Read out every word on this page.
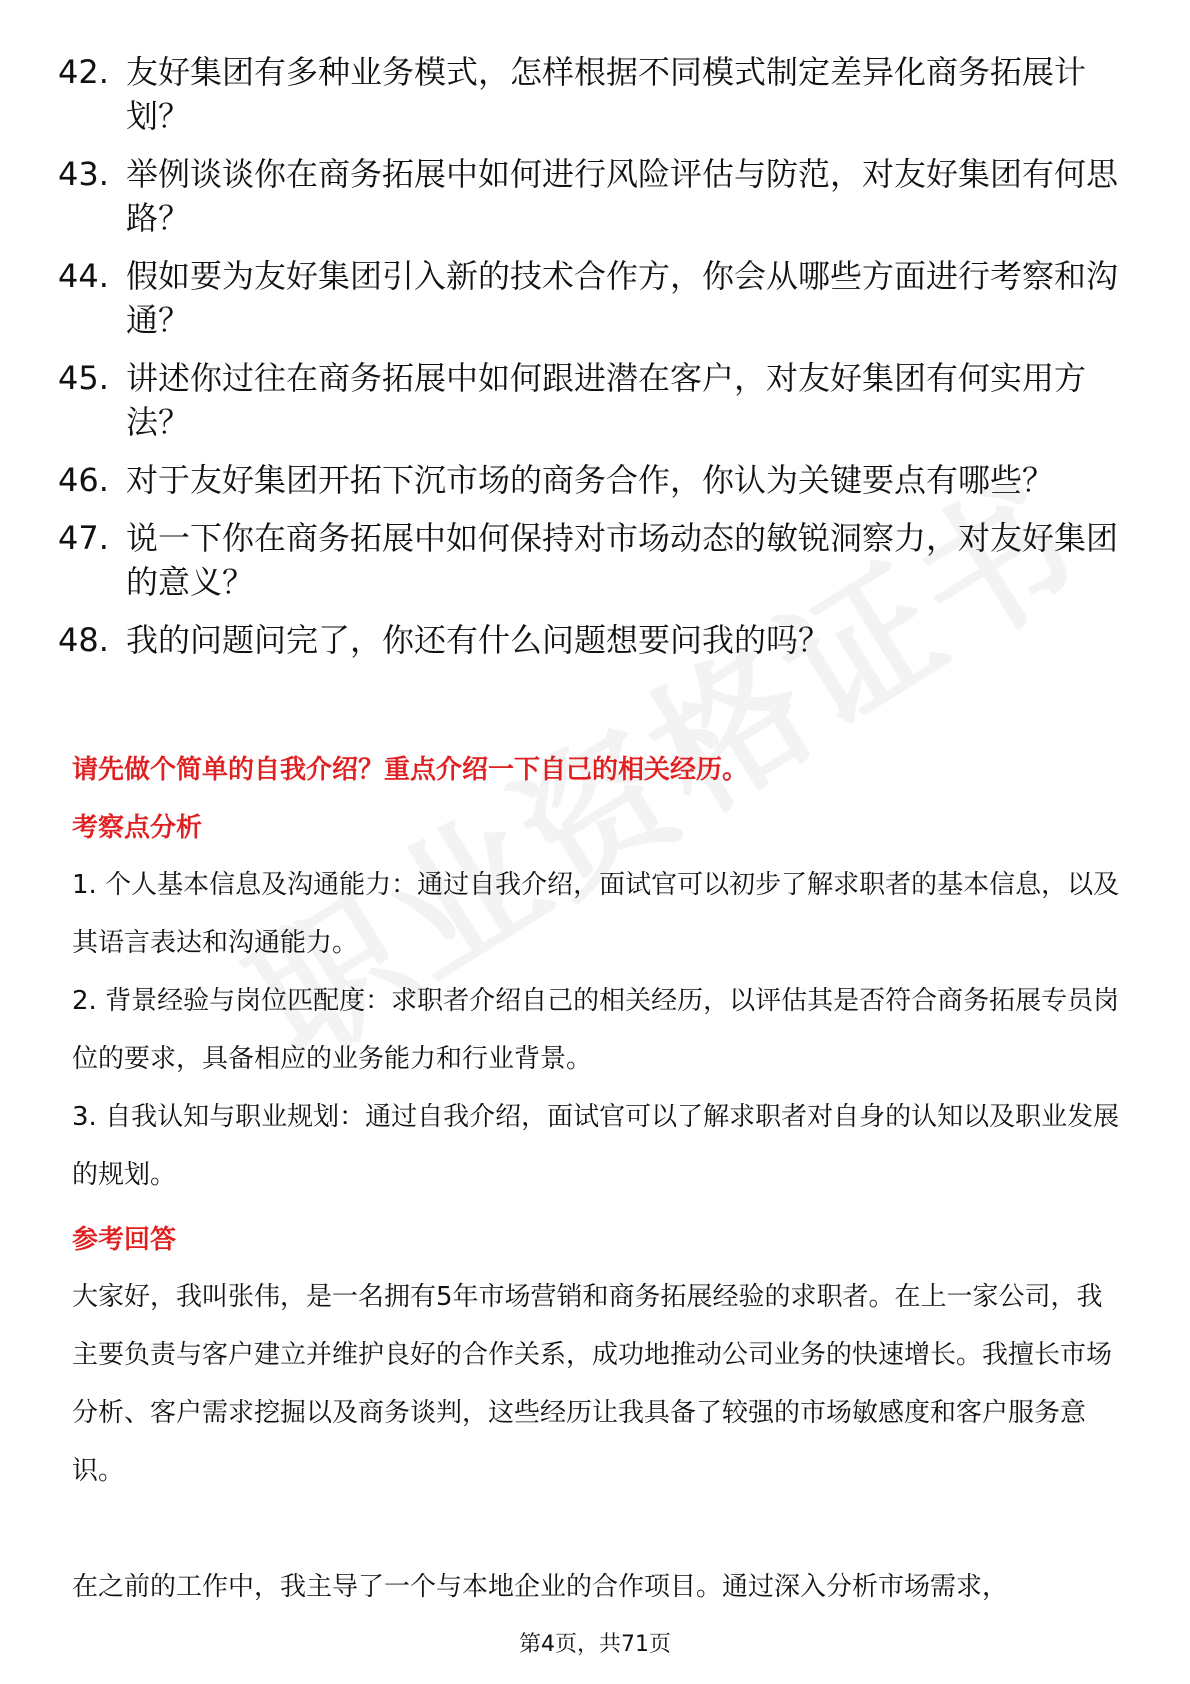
42. 友好集团有多种业务模式，怎样根据不同模式制定差异化商务拓展计划？
43. 举例谈谈你在商务拓展中如何进行风险评估与防范，对友好集团有何思路？
44. 假如要为友好集团引入新的技术合作方，你会从哪些方面进行考察和沟通？
45. 讲述你过往在商务拓展中如何跟进潜在客户，对友好集团有何实用方法？
46. 对于友好集团开拓下沉市场的商务合作，你认为关键要点有哪些？
47. 说一下你在商务拓展中如何保持对市场动态的敏锐洞察力，对友好集团的意义？
48. 我的问题问完了，你还有什么问题想要问我的吗？
请先做个简单的自我介绍？重点介绍一下自己的相关经历。
考察点分析
1. 个人基本信息及沟通能力：通过自我介绍，面试官可以初步了解求职者的基本信息，以及其语言表达和沟通能力。
2. 背景经验与岗位匹配度：求职者介绍自己的相关经历，以评估其是否符合商务拓展专员岗位的要求，具备相应的业务能力和行业背景。
3. 自我认知与职业规划：通过自我介绍，面试官可以了解求职者对自身的认知以及职业发展的规划。
参考回答
大家好，我叫张伟，是一名拥有5年市场营销和商务拓展经验的求职者。在上一家公司，我主要负责与客户建立并维护良好的合作关系，成功地推动公司业务的快速增长。我擅长市场分析、客户需求挖掘以及商务谈判，这些经历让我具备了较强的市场敏感度和客户服务意识。
在之前的工作中，我主导了一个与本地企业的合作项目。通过深入分析市场需求，
第4页，共71页
